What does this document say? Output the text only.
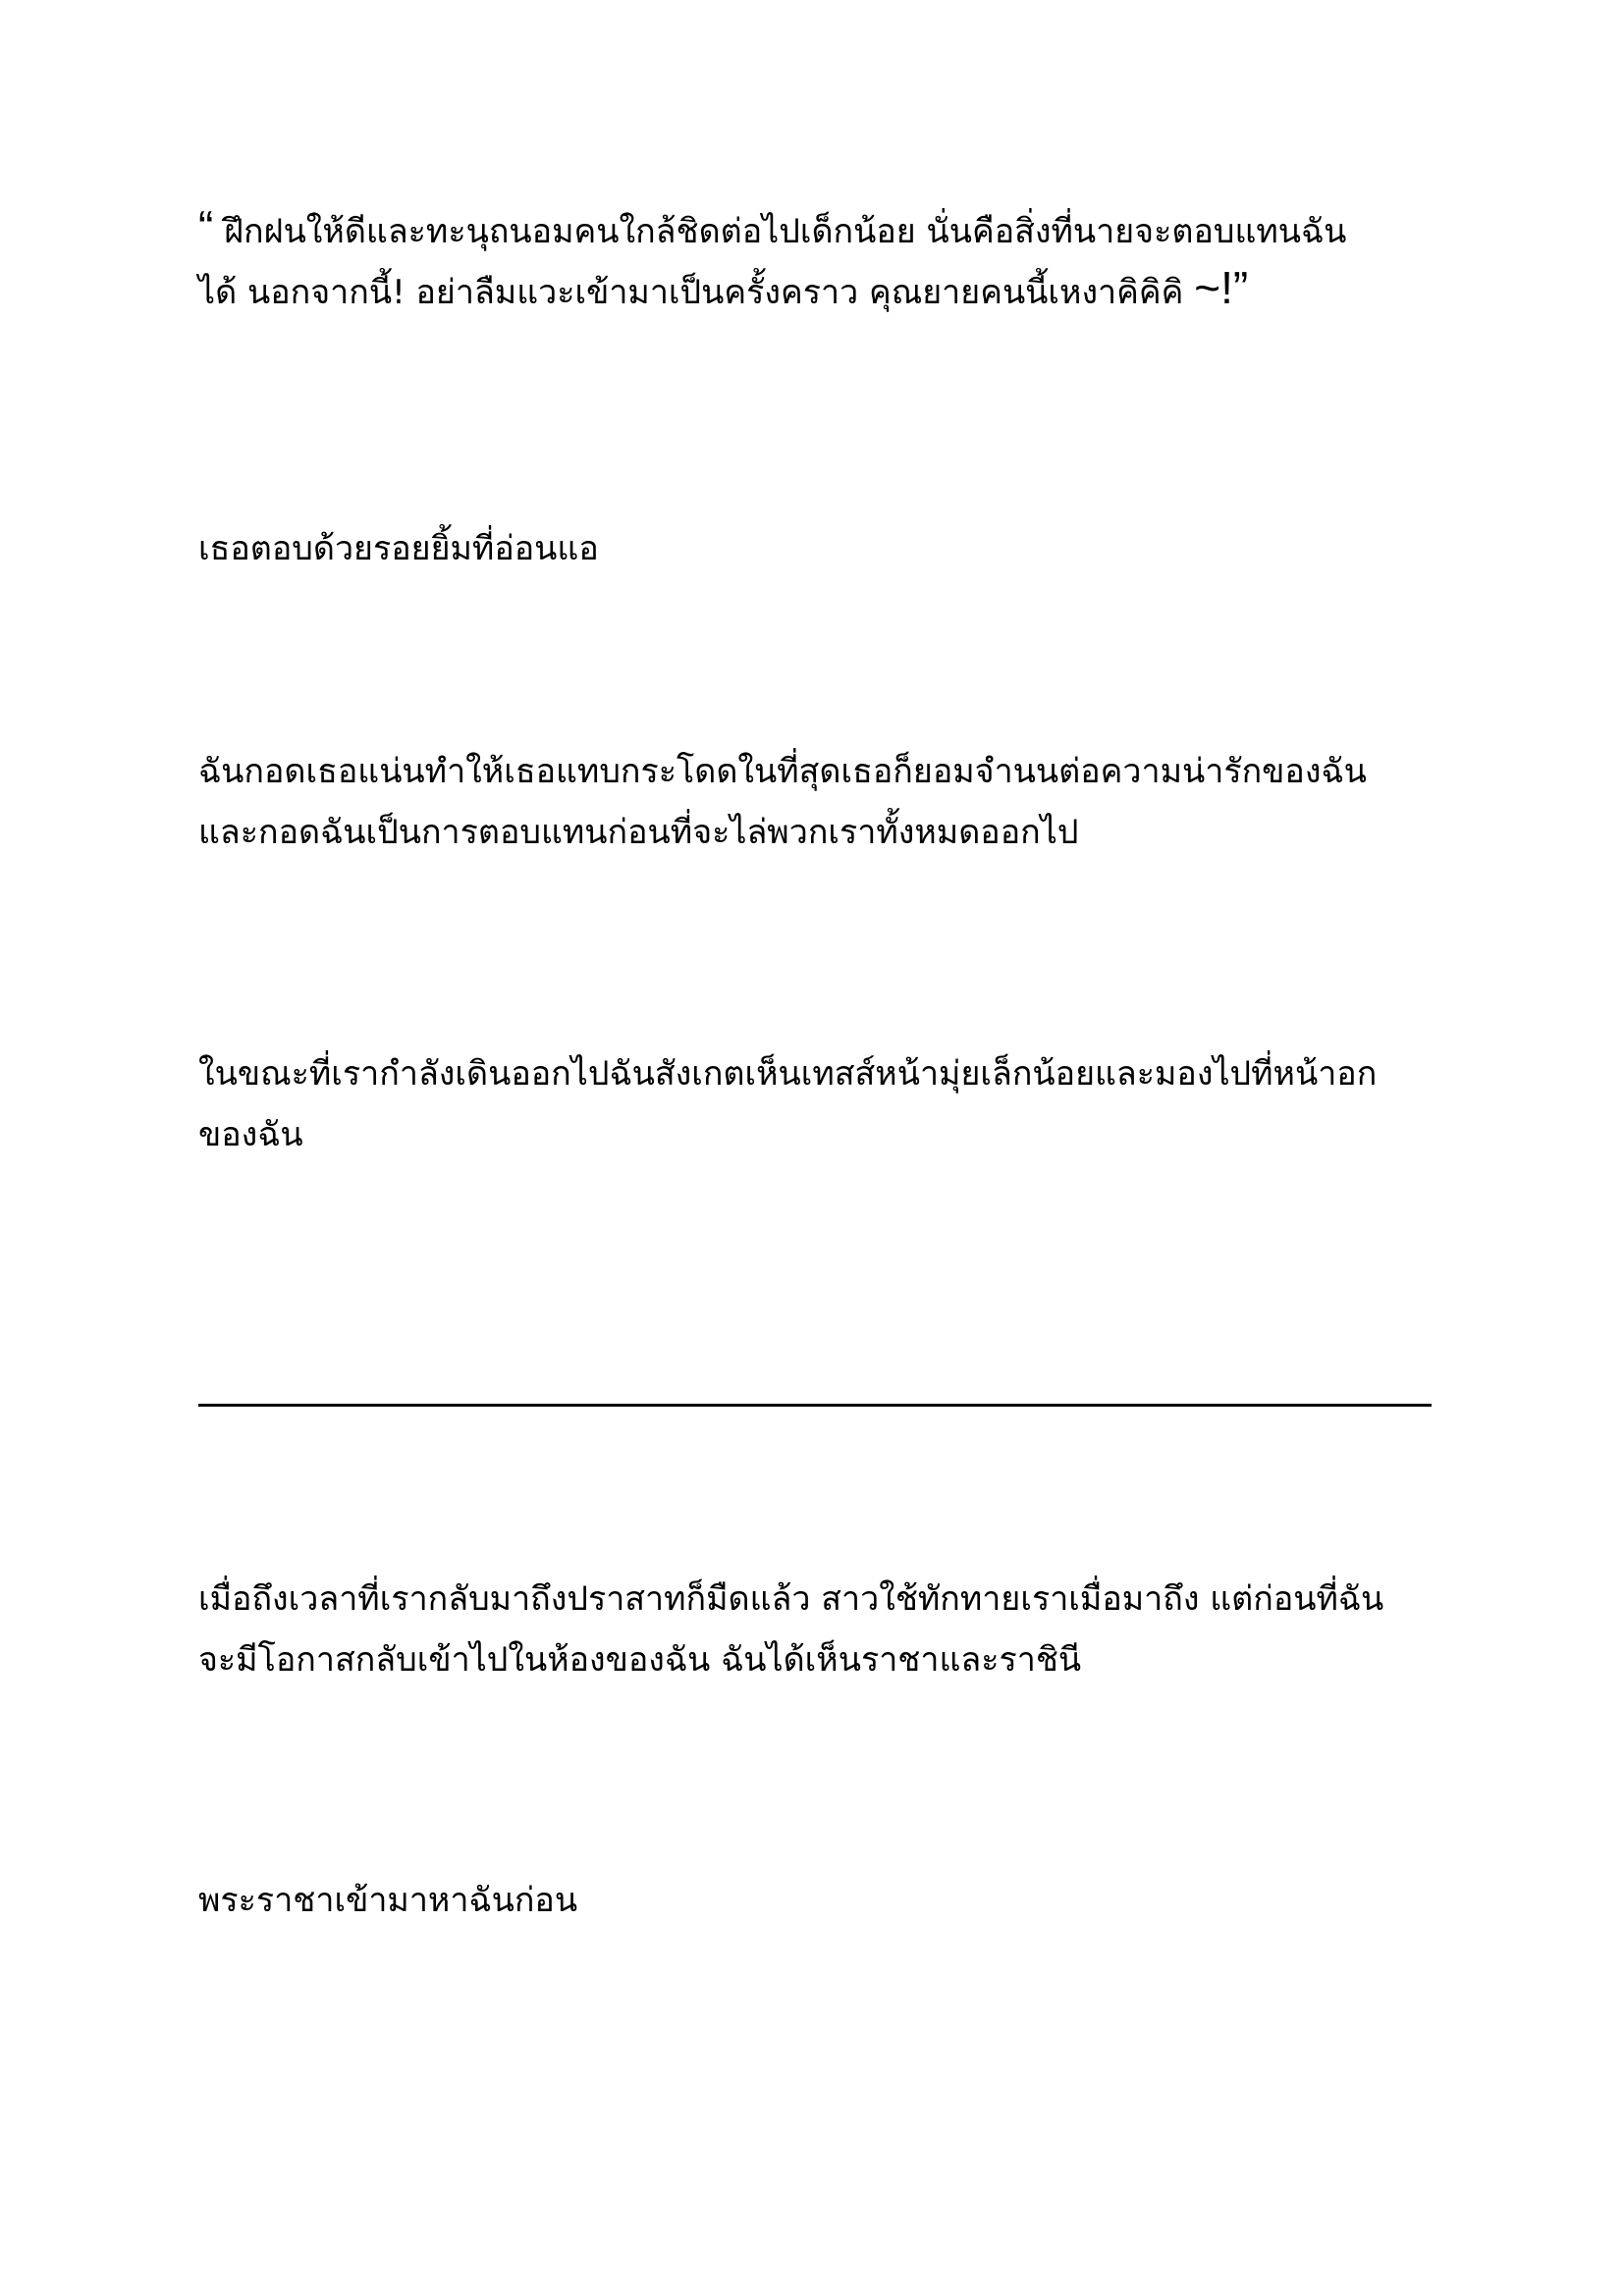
“ ฝึกฝนให้ดีและทะนุถนอมคนใกล้ชิดต่อไปเด็กน้อย นั่นคือสิ่งที่นายจะตอบแทนฉัน
ได้ นอกจากนี้! อย่าลืมแวะเข้ามาเป็นครั้งคราว คุณยายคนนี้เหงาคิคิคิ ~!”

เธอตอบด้วยรอยยิ้มที่อ่อนแอ

ฉันกอดเธอแน่นทำให้เธอแทบกระโดดในที่สุดเธอก็ยอมจำนนต่อความน่ารักของฉัน
และกอดฉันเป็นการตอบแทนก่อนที่จะไล่พวกเราทั้งหมดออกไป

ในขณะที่เรากำลังเดินออกไปฉันสังเกตเห็นเทสส์หน้ามุ่ยเล็กน้อยและมองไปที่หน้าอก
ของฉัน

เมื่อถึงเวลาที่เรากลับมาถึงปราสาทก็มืดแล้ว สาวใช้ทักทายเราเมื่อมาถึง แต่ก่อนที่ฉัน
จะมีโอกาสกลับเข้าไปในห้องของฉัน ฉันได้เห็นราชาและราชินี

พระราชาเข้ามาหาฉันก่อน
